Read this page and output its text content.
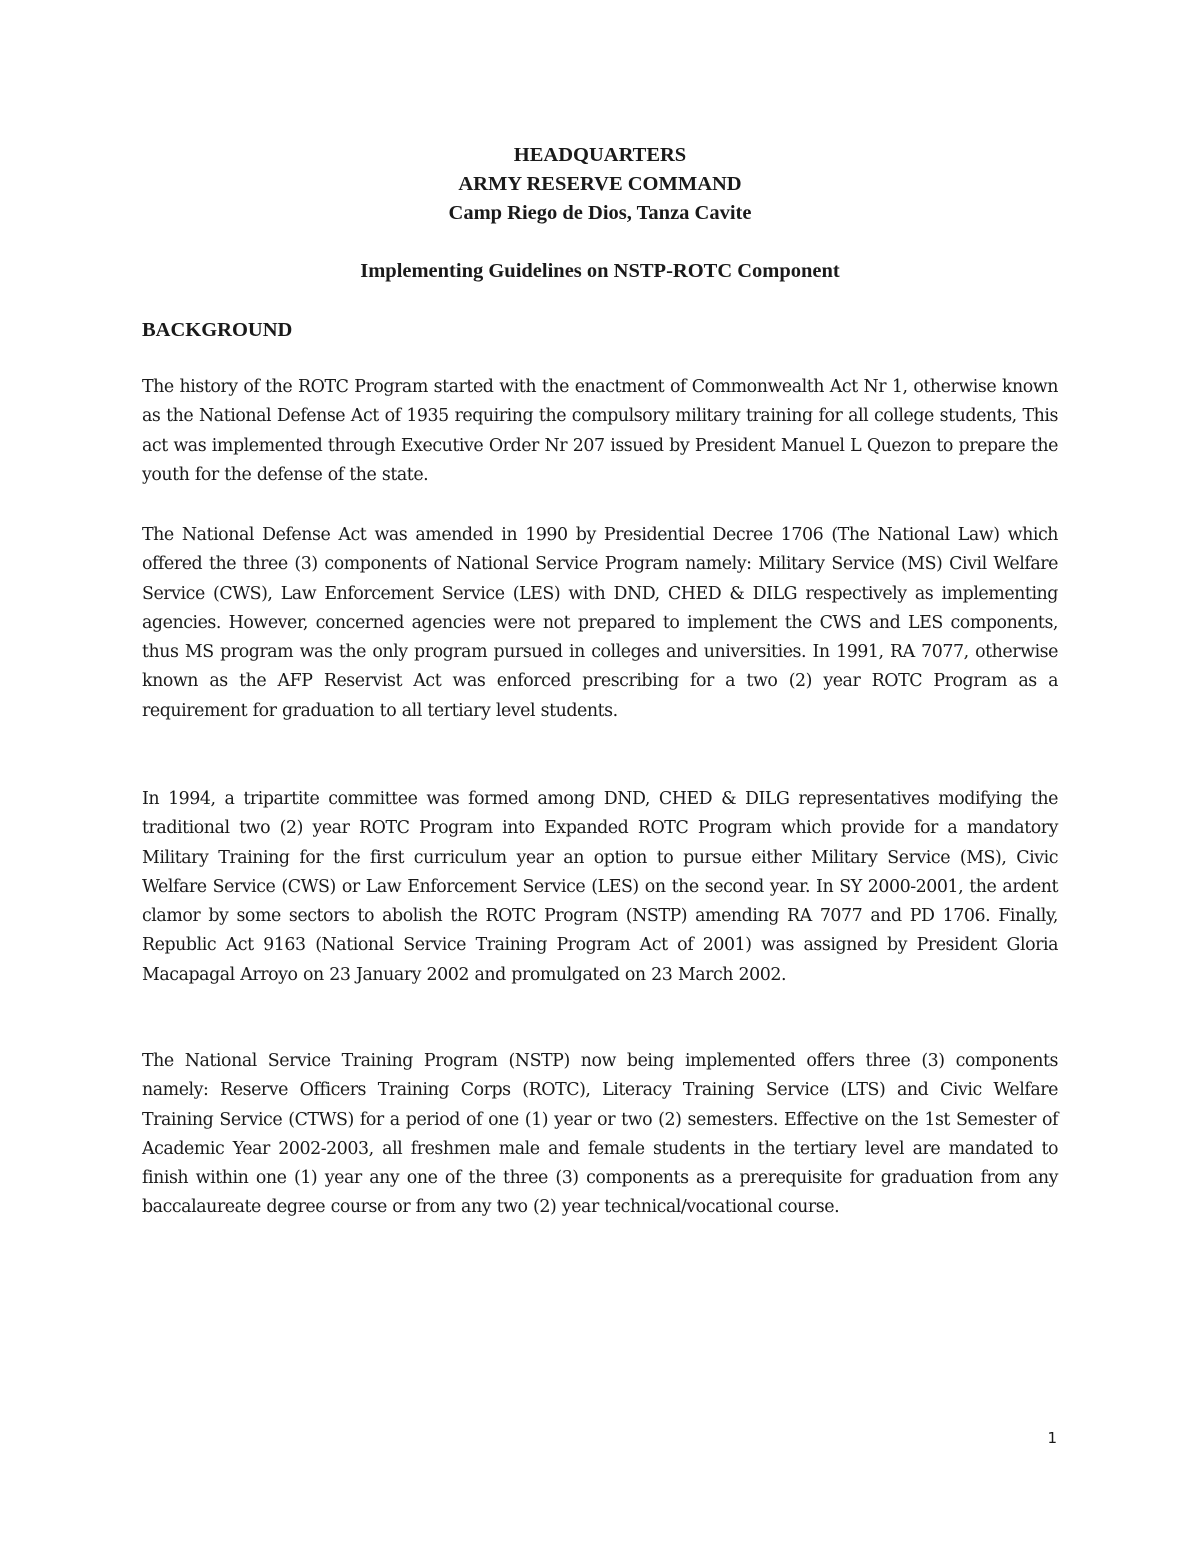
HEADQUARTERS
ARMY RESERVE COMMAND
Camp Riego de Dios, Tanza Cavite
Implementing Guidelines on NSTP-ROTC Component
BACKGROUND

The history of the ROTC Program started with the enactment of Commonwealth Act Nr 1, otherwise known as the National Defense Act of 1935 requiring the compulsory military training for all college students, This act was implemented through Executive Order Nr 207 issued by President Manuel L Quezon to prepare the youth for the defense of the state.

The National Defense Act was amended in 1990 by Presidential Decree 1706 (The National Law) which offered the three (3) components of National Service Program namely: Military Service (MS) Civil Welfare Service (CWS), Law Enforcement Service (LES) with DND, CHED & DILG respectively as implementing agencies. However, concerned agencies were not prepared to implement the CWS and LES components, thus MS program was the only program pursued in colleges and universities. In 1991, RA 7077, otherwise known as the AFP Reservist Act was enforced prescribing for a two (2) year ROTC Program as a requirement for graduation to all tertiary level students.

In 1994, a tripartite committee was formed among DND, CHED & DILG representatives modifying the traditional two (2) year ROTC Program into Expanded ROTC Program which provide for a mandatory Military Training for the first curriculum year an option to pursue either Military Service (MS), Civic Welfare Service (CWS) or Law Enforcement Service (LES) on the second year. In SY 2000-2001, the ardent clamor by some sectors to abolish the ROTC Program (NSTP) amending RA 7077 and PD 1706. Finally, Republic Act 9163 (National Service Training Program Act of 2001) was assigned by President Gloria Macapagal Arroyo on 23 January 2002 and promulgated on 23 March 2002.

The National Service Training Program (NSTP) now being implemented offers three (3) components namely: Reserve Officers Training Corps (ROTC), Literacy Training Service (LTS) and Civic Welfare Training Service (CTWS) for a period of one (1) year or two (2) semesters. Effective on the 1st Semester of Academic Year 2002-2003, all freshmen male and female students in the tertiary level are mandated to finish within one (1) year any one of the three (3) components as a prerequisite for graduation from any baccalaureate degree course or from any two (2) year technical/vocational course.

1
